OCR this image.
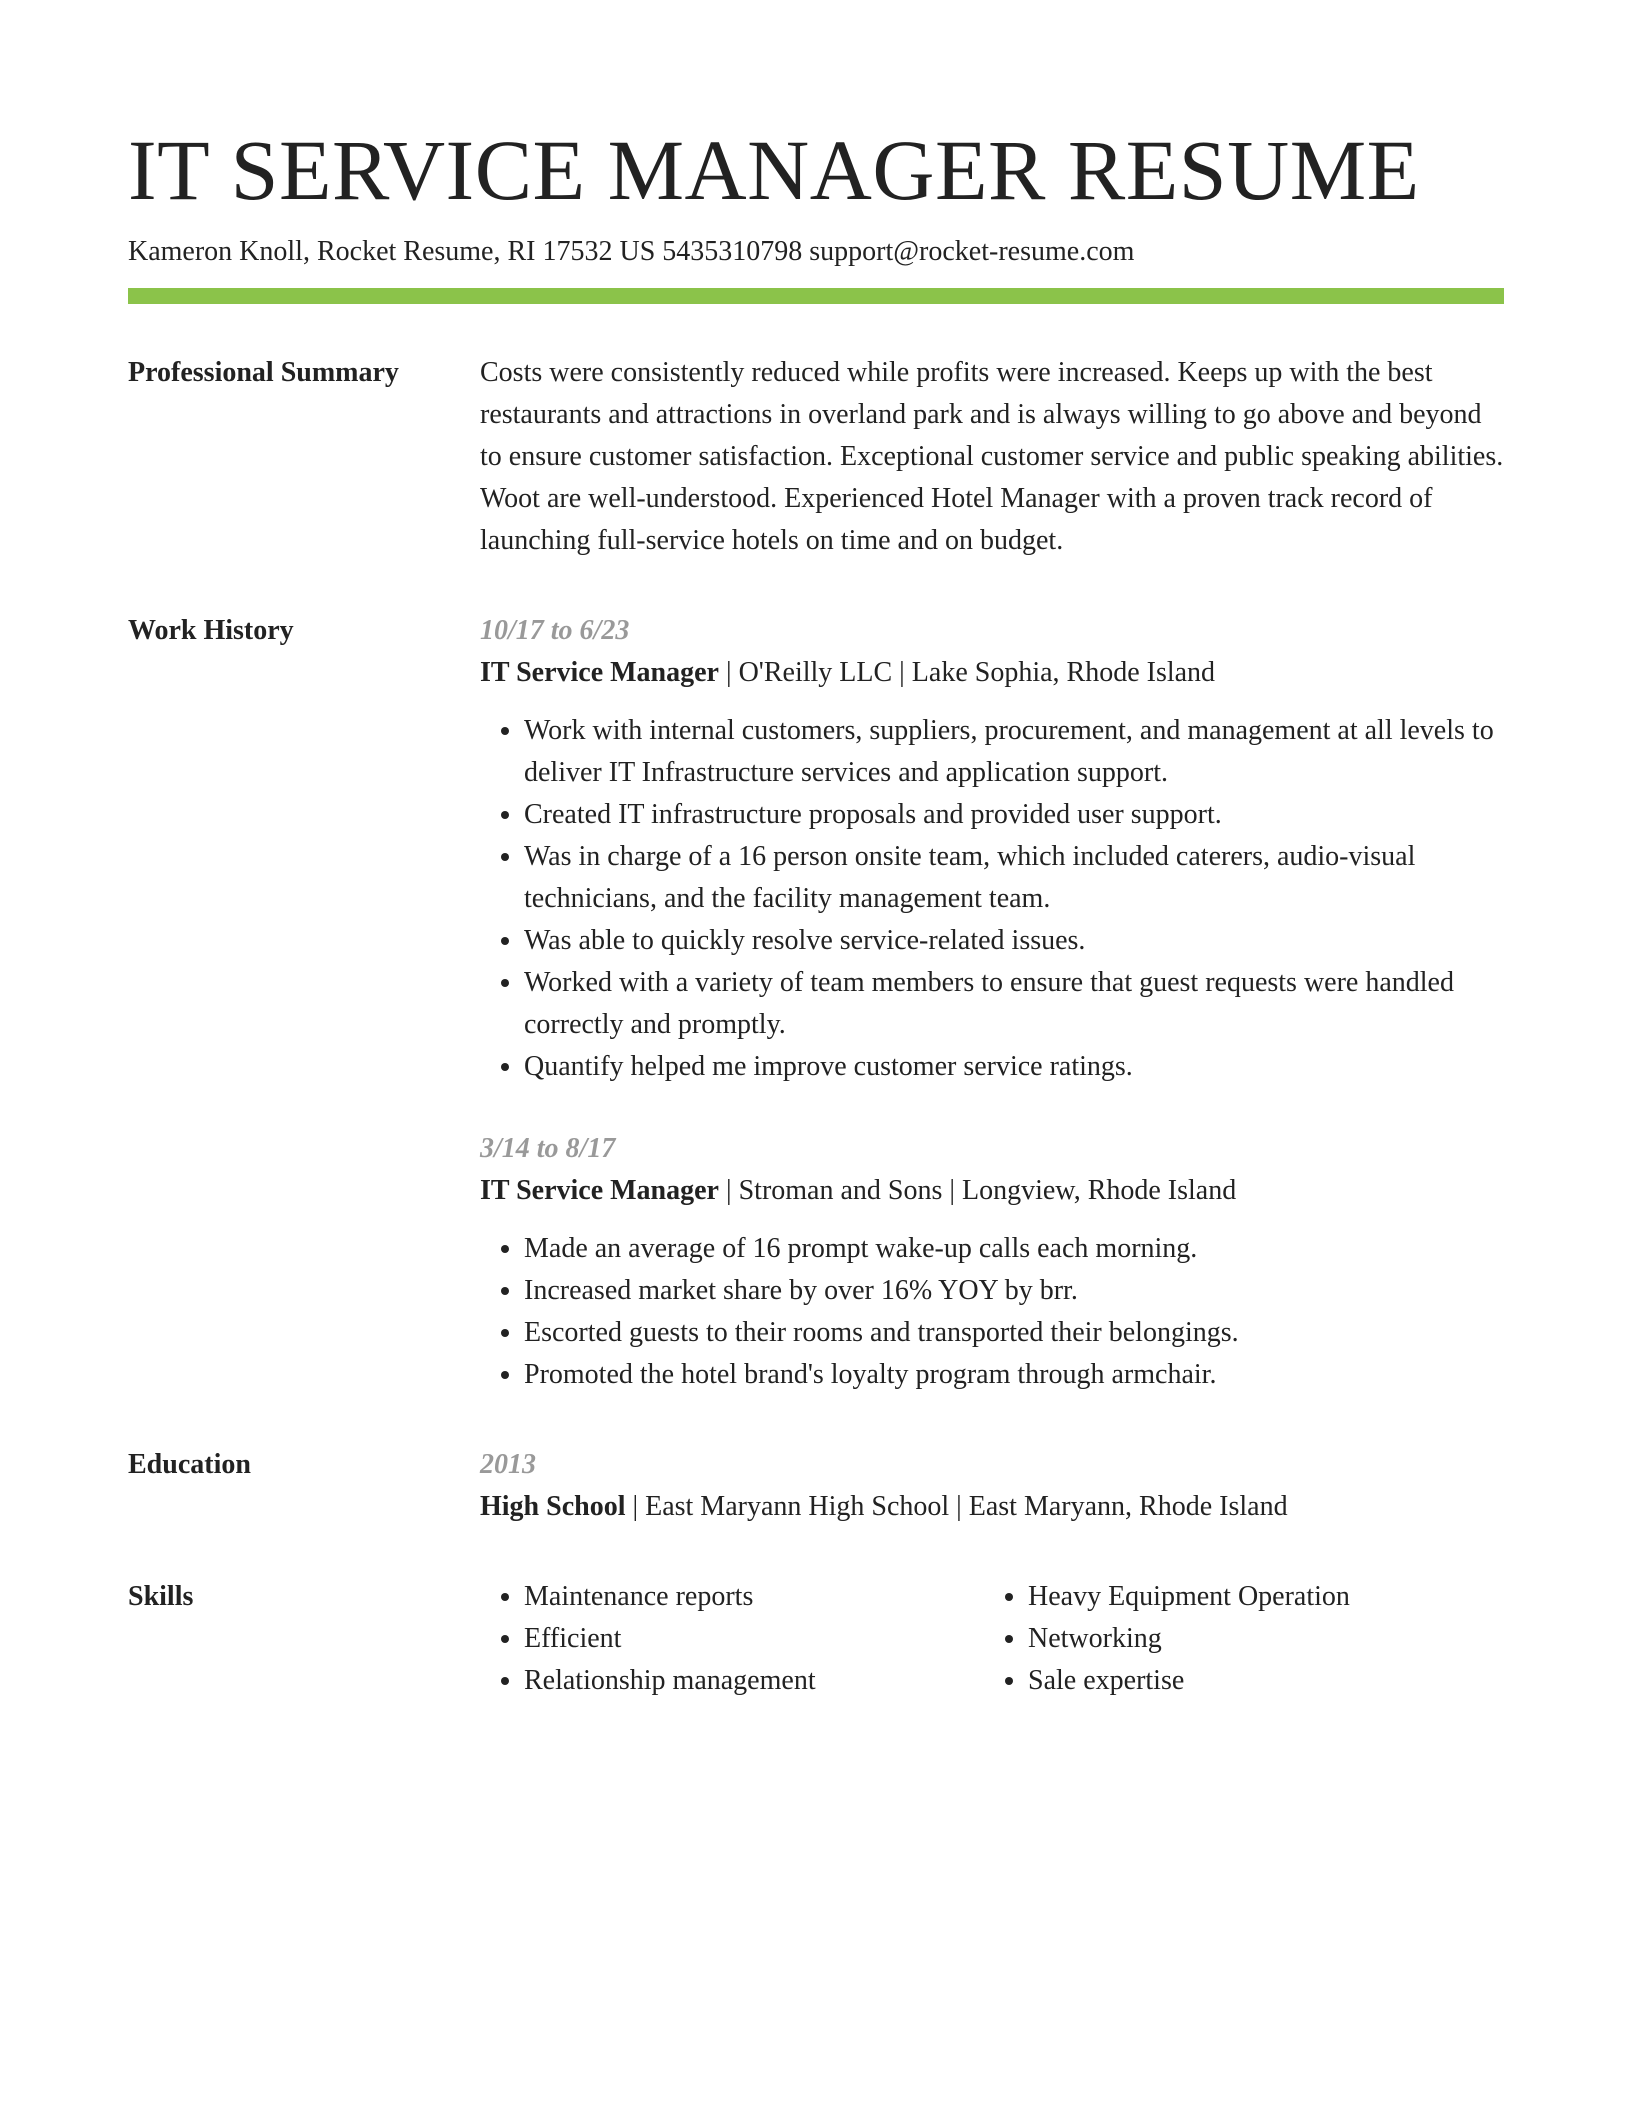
IT SERVICE MANAGER RESUME
Kameron Knoll, Rocket Resume, RI 17532 US 5435310798 support@rocket-resume.com
Professional Summary	Costs were consistently reduced while profits were increased. Keeps up with the best restaurants and attractions in overland park and is always willing to go above and beyond to ensure customer satisfaction. Exceptional customer service and public speaking abilities. Woot are well-understood. Experienced Hotel Manager with a proven track record of launching full-service hotels on time and on budget.

Work History	10/17 to 6/23
IT Service Manager | O'Reilly LLC | Lake Sophia, Rhode Island
• Work with internal customers, suppliers, procurement, and management at all levels to deliver IT Infrastructure services and application support.
• Created IT infrastructure proposals and provided user support.
• Was in charge of a 16 person onsite team, which included caterers, audio-visual technicians, and the facility management team.
• Was able to quickly resolve service-related issues.
• Worked with a variety of team members to ensure that guest requests were handled correctly and promptly.
• Quantify helped me improve customer service ratings.
3/14 to 8/17
IT Service Manager | Stroman and Sons | Longview, Rhode Island
• Made an average of 16 prompt wake-up calls each morning.
• Increased market share by over 16% YOY by brr.
• Escorted guests to their rooms and transported their belongings.
• Promoted the hotel brand's loyalty program through armchair.
Education	2013
High School | East Maryann High School | East Maryann, Rhode Island
Skills
•	Maintenance reports
• Efficient
• Relationship management
• Heavy Equipment Operation
• Networking
• Sale expertise
